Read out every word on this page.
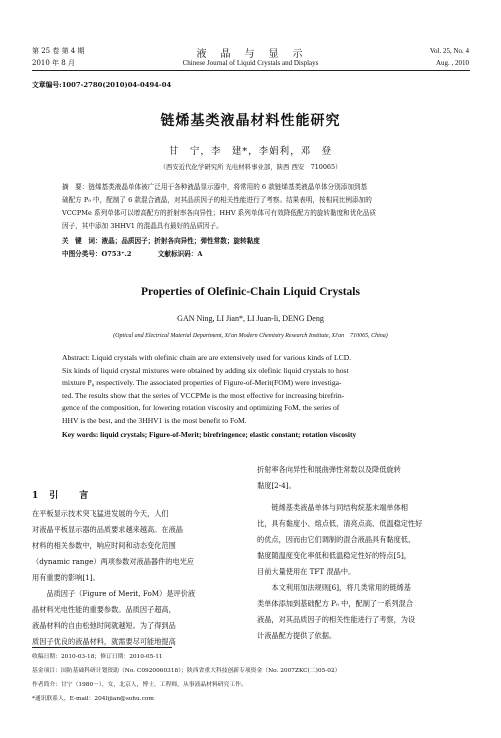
第 25 卷 第 4 期
2010 年 8 月
液　晶　与　显　示
Chinese Journal of Liquid Crystals and Displays
Vol. 25, No. 4
Aug. , 2010
文章编号:1007-2780(2010)04-0494-04
链烯基类液晶材料性能研究
甘　宁，李　建*，李娟利，邓　登
（西安近代化学研究所 光电材料事业部，陕西 西安　710065）
摘　要：链烯基类液晶单体被广泛用于各种液晶显示器中，将常用的 6 款链烯基类液晶单体分别添加到基
础配方 P₀ 中，配制了 6 款混合液晶，对其品质因子的相关性能进行了考察。结果表明，按相同比例添加的
VCCPMe 系列单体可以增高配方的折射率各向异性；HHV 系列单体可有效降低配方的旋转黏度和优化品质
因子，其中添加 3HHV1 的混晶具有最好的品质因子。
关　键　词：液晶；品质因子；折射各向异性；弹性常数；旋转黏度
中图分类号：O753⁺.2　　　　文献标识码：A
Properties of Olefinic-Chain Liquid Crystals
GAN Ning, LI Jian*, LI Juan-li, DENG Deng
(Optical and Electrical Material Department, Xi'an Modern Chemistry Research Institute, Xi'an　710065, China)
Abstract: Liquid crystals with olefinic chain are are extensively used for various kinds of LCD.
Six kinds of liquid crystal mixtures were obtained by adding six olefinic liquid crystals to host
mixture P₀ respectively. The associated properties of Figure-of-Merit(FOM) were investiga-
ted. The results show that the series of VCCPMe is the most effective for increasing birefrin-
gence of the composition, for lowering rotation viscosity and optimizing FoM, the series of
HHV is the best, and the 3HHV1 is the most benefit to FoM.
Key words: liquid crystals; Figure-of-Merit; birefringence; elastic constant; rotation viscosity
1　引　　言
在平板显示技术突飞猛进发展的今天，人们
对液晶平板显示器的品质要求越来越高。在液晶
材料的相关参数中，响应时间和动态变化范围
（dynamic range）两项参数对液晶器件的电光应
用有重要的影响[1]。
　　品质因子（Figure of Merit, FoM）是评价液
晶材料光电性能的重要参数。品质因子超高，
液晶材料的自由松弛时间就越短。为了得到品
质因子优良的液晶材料，就需要尽可能地提高
折射率各向异性和展曲弹性常数以及降低旋转
黏度[2-4]。
　　链烯基类液晶单体与同结构烷基末端单体相
比，具有黏度小、熔点低、清亮点高、低温稳定性好
的优点，因而由它们调制的混合液晶具有黏度低、
黏度随温度变化率低和低温稳定性好的特点[5]，
目前大量使用在 TFT 混晶中。
　　本文利用加法规则[6]，将几类常用的链烯基
类单体添加到基础配方 P₀ 中，配制了一系列混合
液晶，对其品质因子的相关性能进行了考察，为设
计液晶配方提供了依据。
收稿日期：2010-03-18；修订日期：2010-05-11
基金项目：国防基础科研计划资助（No. C0920060318）；陕西省重大科技创新专项资金（No. 2007ZKC(二)05-02）
作者简介：甘宁（1980－），女，北京人，博士，工程师，从事液晶材料研究工作。
*通讯联系人，E-mail：204lijian@sohu.com
